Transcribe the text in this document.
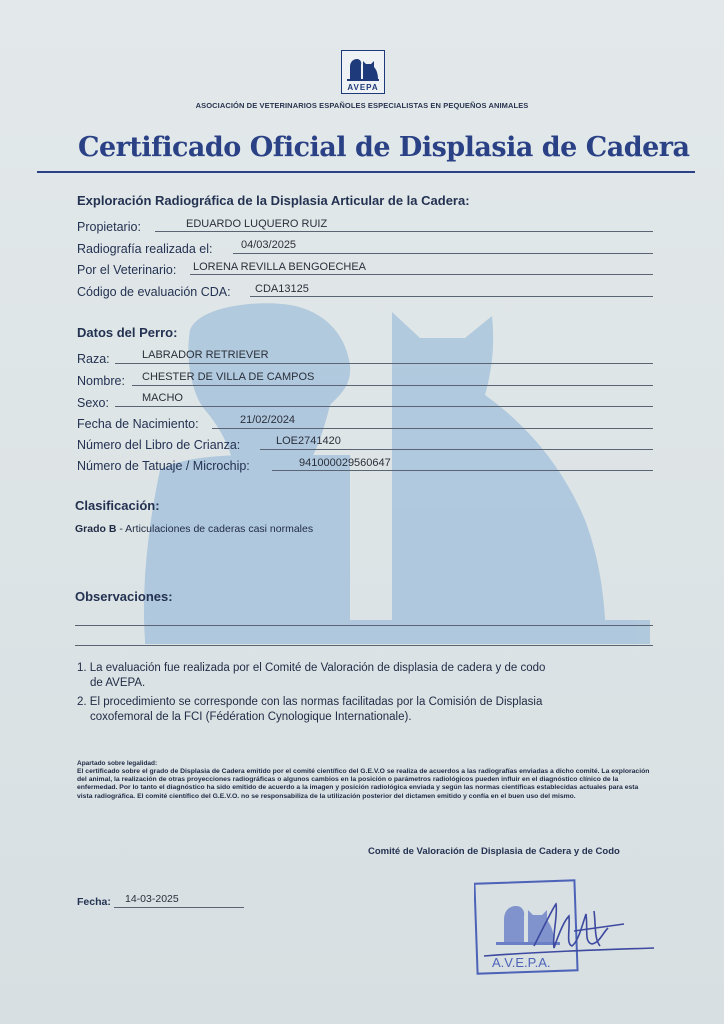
AVEPA
ASOCIACIÓN DE VETERINARIOS ESPAÑOLES ESPECIALISTAS EN PEQUEÑOS ANIMALES
Certificado Oficial de Displasia de Cadera
Exploración Radiográfica de la Displasia Articular de la Cadera:
Propietario:	EDUARDO LUQUERO RUIZ
Radiografía realizada el:	04/03/2025
Por el Veterinario: LORENA REVILLA BENGOECHEA
Código de evaluación CDA: CDA13125
Datos del Perro:
Raza:	LABRADOR RETRIEVER
Nombre: CHESTER DE VILLA DE CAMPOS
Sexo:	MACHO
Fecha de Nacimiento:	21/02/2024
Número del Libro de Crianza:	LOE2741420
Número de Tatuaje / Microchip:	941000029560647
Clasificación:
Grado B - Articulaciones de caderas casi normales
Observaciones:
1. La evaluación fue realizada por el Comité de Valoración de displasia de cadera y de codo
de AVEPA.
2. El procedimiento se corresponde con las normas facilitadas por la Comisión de Displasia
coxofemoral de la FCI (Fédération Cynologique Internationale).
Apartado sobre legalidad:
El certificado sobre el grado de Displasia de Cadera emitido por el comité científico del G.E.V.O se realiza de acuerdos a las radiografías enviadas a dicho comité. La exploración del animal, la realización de otras proyecciones radiográficas o algunos cambios en la posición o parámetros radiológicos pueden influir en el diagnóstico clínico de la enfermedad. Por lo tanto el diagnóstico ha sido emitido de acuerdo a la imagen y posición radiológica enviada y según las normas científicas establecidas actuales para esta vista radiográfica. El comité científico del G.E.V.O. no se responsabiliza de la utilización posterior del dictamen emitido y confía en el buen uso del mismo.
Comité de Valoración de Displasia de Cadera y de Codo
Fecha: 14-03-2025
A.V.E.P.A.
